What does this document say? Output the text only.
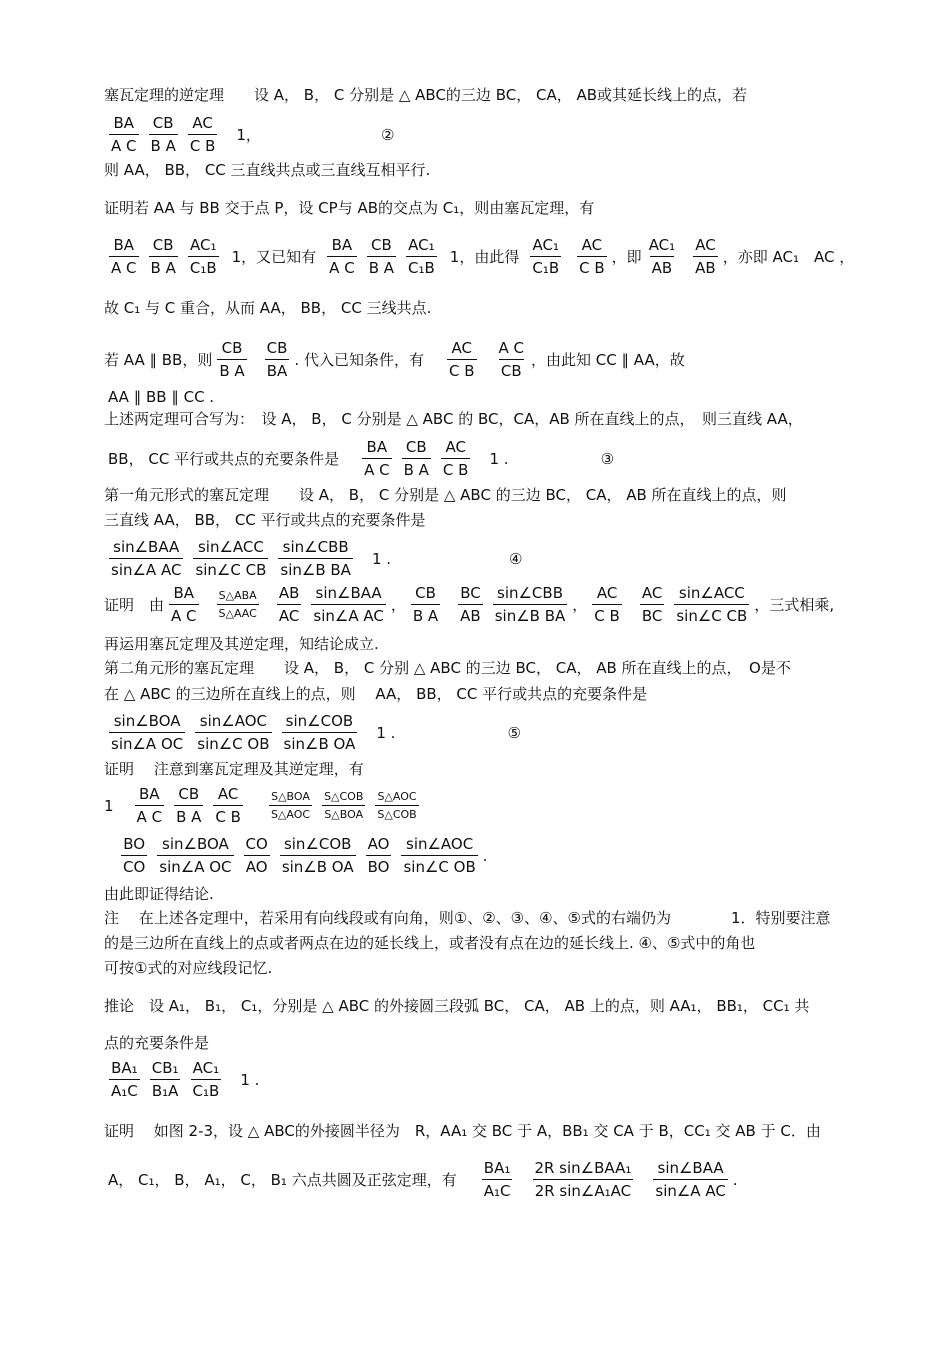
塞瓦定理的逆定理　　设 A， B， C 分别是 △ ABC的三边 BC， CA， AB或其延长线上的点，若
$\frac{BA}{\text{A C}} \frac{CB}{\text{B A}} \frac{AC}{\text{C B}} 1$，	②
则 AA， BB， CC 三直线共点或三直线互相平行.
证明若 AA 与 BB 交于点 P，设 CP与 AB的交点为 C₁，则由塞瓦定理，有
$\frac{BA}{\text{A C}} \frac{CB}{\text{B A}} \frac{\text{AC₁}}{\text{C₁B}} 1$，又已知有 $\frac{BA}{\text{A C}} \frac{CB}{\text{B A}} \frac{\text{AC₁}}{\text{C₁B}} 1$，由此得 $\frac{\text{AC₁}}{\text{C₁B}} \frac{AC}{\text{C B}}$ ，即 $\frac{\text{AC₁}}{AB} \frac{AC}{AB}$ ，亦即 AC₁　AC ，
故 C₁ 与 C 重合，从而 AA， BB， CC 三线共点.
若 AA ∥ BB，则 $\frac{CB}{\text{B A}} \frac{CB}{BA}$ . 代入已知条件，有 $\frac{AC}{\text{C B}} \frac{\text{A C}}{CB}$ ，由此知 CC ∥ AA，故
AA ∥ BB ∥ CC .
上述两定理可合写为：　设 A， B， C 分别是 △ ABC 的 BC，CA，AB 所在直线上的点，　则三直线 AA，
BB， CC 平行或共点的充要条件是 $\frac{BA}{\text{A C}} \frac{CB}{\text{B A}} \frac{AC}{\text{C B}} 1$ .	③
第一角元形式的塞瓦定理　　设 A， B， C 分别是 △ ABC 的三边 BC， CA， AB 所在直线上的点，则
三直线 AA， BB， CC 平行或共点的充要条件是
$\frac{\text{sin∠BAA}}{\text{sin∠A AC}} \frac{\text{sin∠ACC}}{\text{sin∠C CB}} \frac{\text{sin∠CBB}}{\text{sin∠B BA}} 1$ .	④
证明　由 $\frac{BA}{\text{A C}} \frac{\text{S△ABA}}{\text{S△AAC}} \frac{AB}{AC} \frac{\text{sin∠BAA}}{\text{sin∠A AC}}$ ， $\frac{CB}{\text{B A}} \frac{BC}{AB} \frac{\text{sin∠CBB}}{\text{sin∠B BA}}$ ， $\frac{AC}{\text{C B}} \frac{AC}{BC} \frac{\text{sin∠ACC}}{\text{sin∠C CB}}$ ，三式相乘,
再运用塞瓦定理及其逆定理，知结论成立.
第二角元形的塞瓦定理　　设 A， B， C 分别 △ ABC 的三边 BC， CA， AB 所在直线上的点，　O是不
在 △ ABC 的三边所在直线上的点，则　 AA， BB， CC 平行或共点的充要条件是
$\frac{\text{sin∠BOA}}{\text{sin∠A OC}} \frac{\text{sin∠AOC}}{\text{sin∠C OB}} \frac{\text{sin∠COB}}{\text{sin∠B OA}} 1$ .	⑤
证明　 注意到塞瓦定理及其逆定理，有
$1 \frac{BA}{\text{A C}} \frac{CB}{\text{B A}} \frac{AC}{\text{C B}} \frac{\text{S△BOA}}{\text{S△AOC}} \frac{\text{S△COB}}{\text{S△BOA}} \frac{\text{S△AOC}}{\text{S△COB}}$
$\frac{BO}{CO} \frac{\text{sin∠BOA}}{\text{sin∠A OC}} \frac{CO}{AO} \frac{\text{sin∠COB}}{\text{sin∠B OA}} \frac{AO}{BO} \frac{\text{sin∠AOC}}{\text{sin∠C OB}}$ .
由此即证得结论.
注　 在上述各定理中，若采用有向线段或有向角，则①、②、③、④、⑤式的右端仍为　　　　1．特别要注意
的是三边所在直线上的点或者两点在边的延长线上，或者没有点在边的延长线上. ④、⑤式中的角也
可按①式的对应线段记忆.
推论　设 A₁， B₁， C₁，分别是 △ ABC 的外接圆三段弧 BC， CA， AB 上的点，则 AA₁， BB₁， CC₁ 共
点的充要条件是
$\frac{\text{BA₁}}{\text{A₁C}} \frac{\text{CB₁}}{\text{B₁A}} \frac{\text{AC₁}}{\text{C₁B}} 1$ .
证明　 如图 2-3，设 △ ABC的外接圆半径为　R，AA₁ 交 BC 于 A，BB₁ 交 CA 于 B，CC₁ 交 AB 于 C．由
A， C₁， B， A₁， C， B₁ 六点共圆及正弦定理，有 $\frac{\text{BA₁}}{\text{A₁C}} \frac{\text{2R sin∠BAA₁}}{\text{2R sin∠A₁AC}} \frac{\text{sin∠BAA}}{\text{sin∠A AC}}$ .
